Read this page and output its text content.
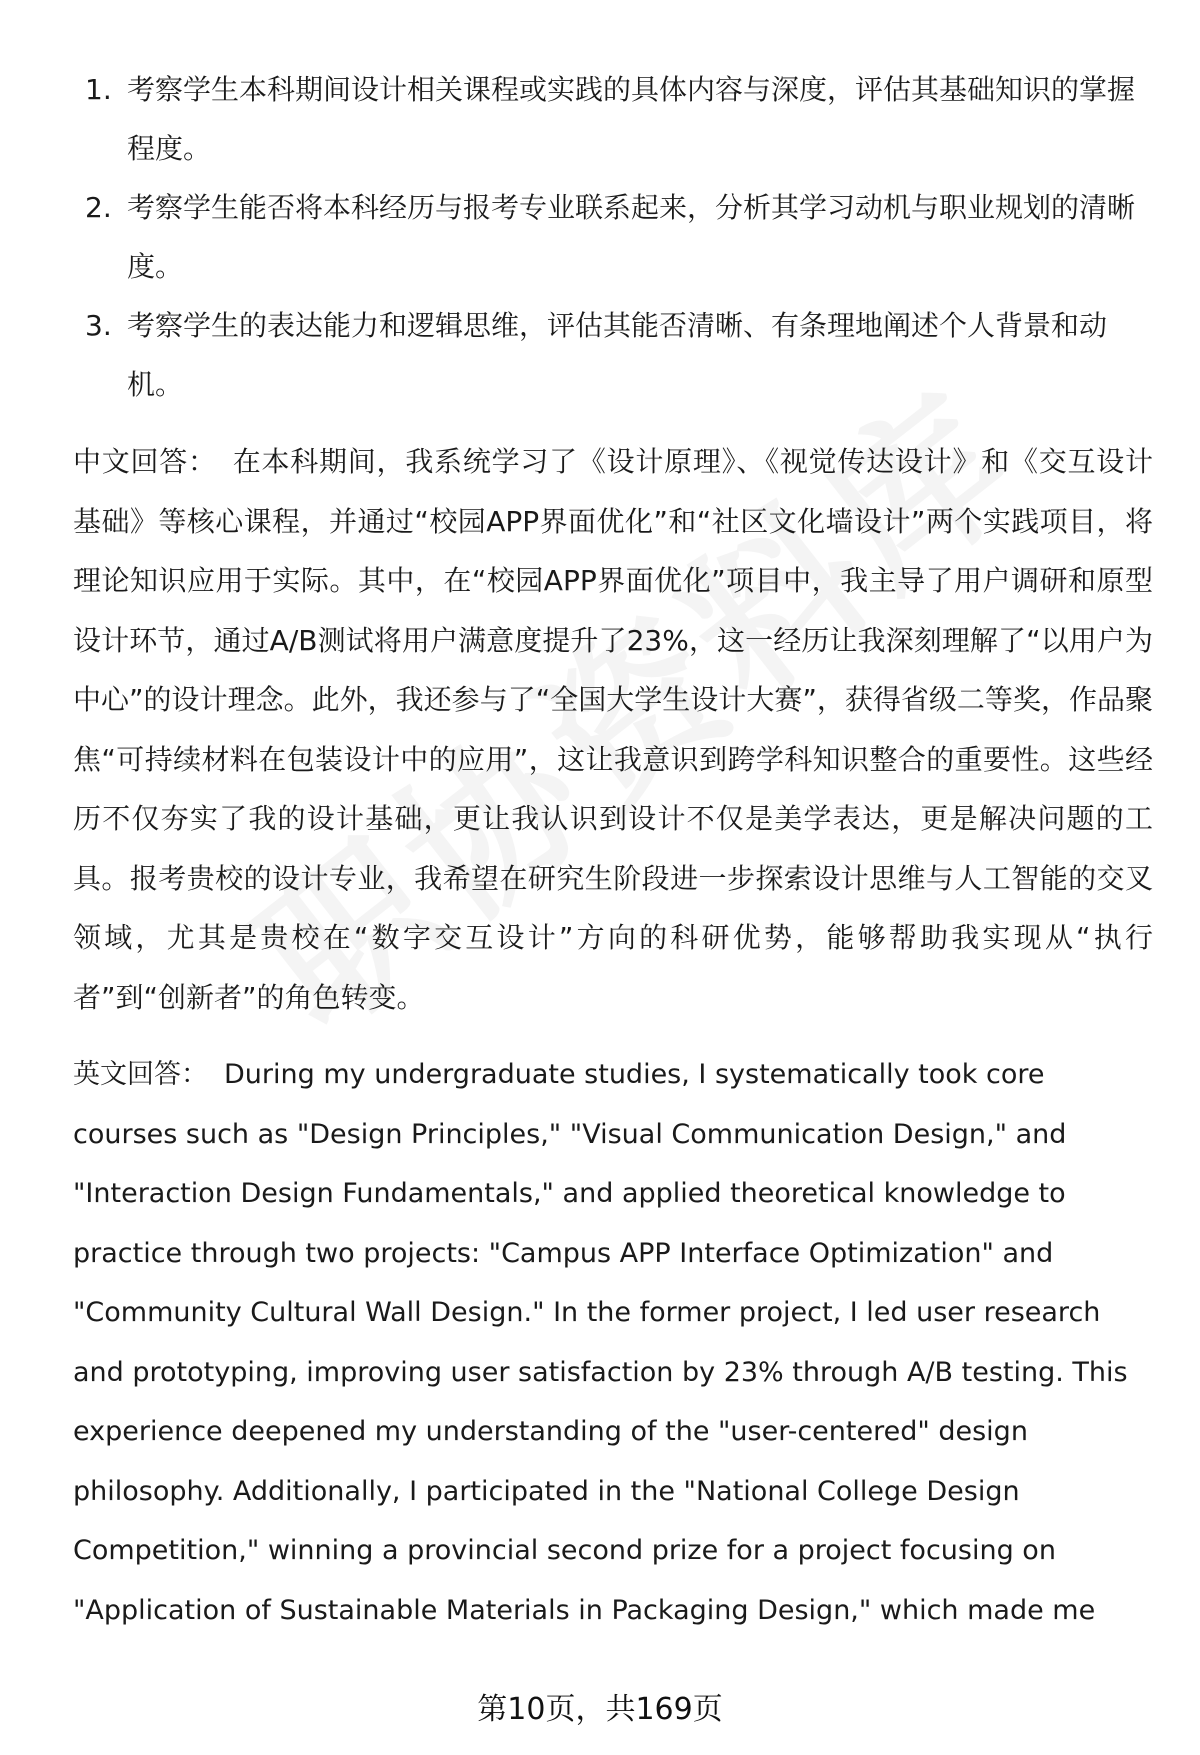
1. 考察学生本科期间设计相关课程或实践的具体内容与深度，评估其基础知识的掌握程度。
2. 考察学生能否将本科经历与报考专业联系起来，分析其学习动机与职业规划的清晰度。
3. 考察学生的表达能力和逻辑思维，评估其能否清晰、有条理地阐述个人背景和动机。

中文回答： 在本科期间，我系统学习了《设计原理》、《视觉传达设计》和《交互设计基础》等核心课程，并通过“校园APP界面优化”和“社区文化墙设计”两个实践项目，将理论知识应用于实际。其中，在“校园APP界面优化”项目中，我主导了用户调研和原型设计环节，通过A/B测试将用户满意度提升了23%，这一经历让我深刻理解了“以用户为中心”的设计理念。此外，我还参与了“全国大学生设计大赛”，获得省级二等奖，作品聚焦“可持续材料在包装设计中的应用”，这让我意识到跨学科知识整合的重要性。这些经历不仅夯实了我的设计基础，更让我认识到设计不仅是美学表达，更是解决问题的工具。报考贵校的设计专业，我希望在研究生阶段进一步探索设计思维与人工智能的交叉领域，尤其是贵校在“数字交互设计”方向的科研优势，能够帮助我实现从“执行者”到“创新者”的角色转变。

英文回答： During my undergraduate studies, I systematically took core courses such as "Design Principles," "Visual Communication Design," and "Interaction Design Fundamentals," and applied theoretical knowledge to practice through two projects: "Campus APP Interface Optimization" and "Community Cultural Wall Design." In the former project, I led user research and prototyping, improving user satisfaction by 23% through A/B testing. This experience deepened my understanding of the "user-centered" design philosophy. Additionally, I participated in the "National College Design Competition," winning a provincial second prize for a project focusing on "Application of Sustainable Materials in Packaging Design," which made me

第10页，共169页
